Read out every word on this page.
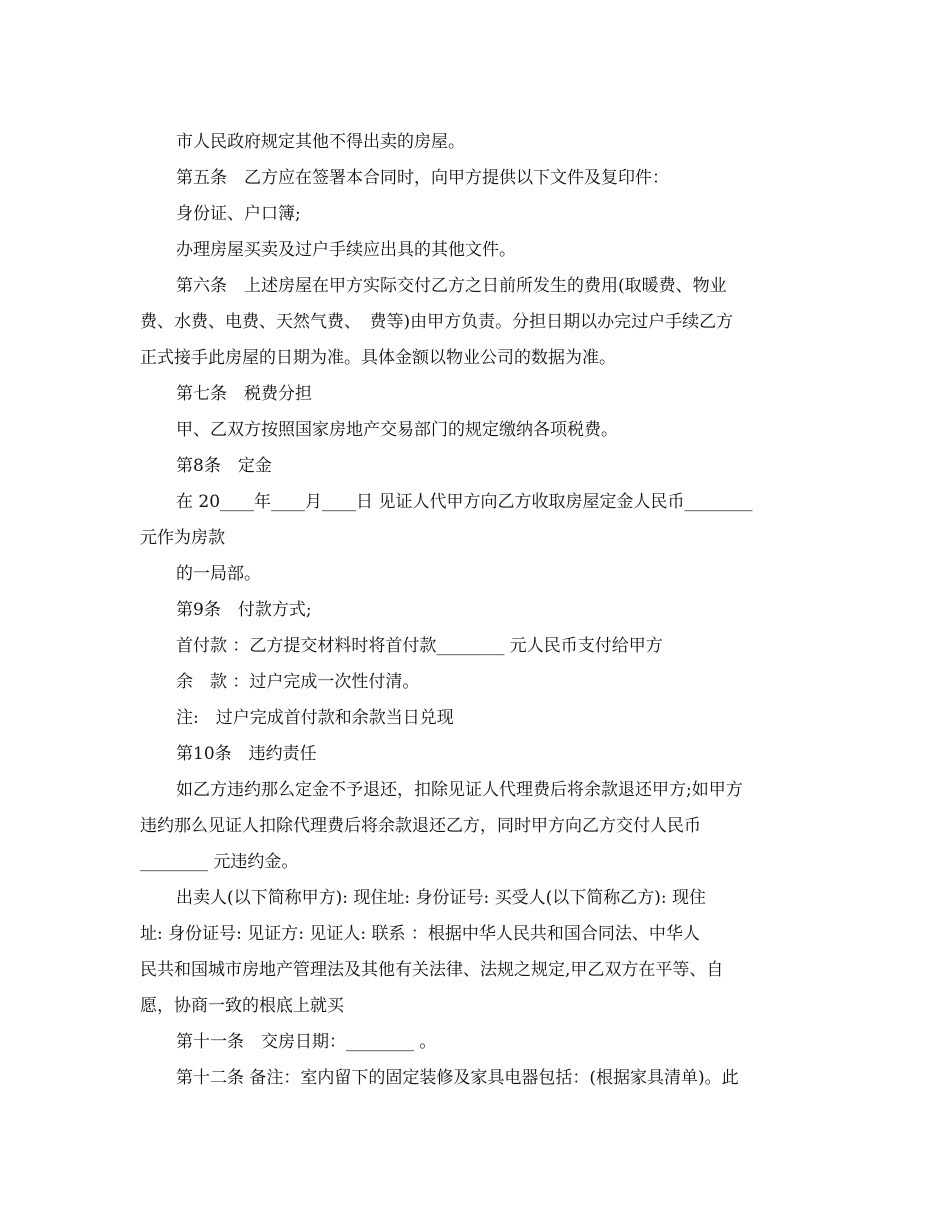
市人民政府规定其他不得出卖的房屋。
第五条　乙方应在签署本合同时，向甲方提供以下文件及复印件：
身份证、户口簿;
办理房屋买卖及过户手续应出具的其他文件。
第六条　上述房屋在甲方实际交付乙方之日前所发生的费用(取暖费、物业
费、水费、电费、天然气费、　费等)由甲方负责。分担日期以办完过户手续乙方
正式接手此房屋的日期为准。具体金额以物业公司的数据为准。
第七条　税费分担
甲、乙双方按照国家房地产交易部门的规定缴纳各项税费。
第8条　定金
在 20____年____月____日 见证人代甲方向乙方收取房屋定金人民币________
元作为房款
的一局部。
第9条　付款方式;
首付款 ：乙方提交材料时将首付款________ 元人民币支付给甲方
余　款 ：过户完成一次性付清。
注:　过户完成首付款和余款当日兑现
第10条　违约责任
如乙方违约那么定金不予退还，扣除见证人代理费后将余款退还甲方;如甲方
违约那么见证人扣除代理费后将余款退还乙方，同时甲方向乙方交付人民币
________ 元违约金。
出卖人(以下简称甲方): 现住址: 身份证号: 买受人(以下简称乙方): 现住
址: 身份证号: 见证方: 见证人: 联系 ：根据中华人民共和国合同法、中华人
民共和国城市房地产管理法及其他有关法律、法规之规定,甲乙双方在平等、自
愿，协商一致的根底上就买
第十一条　交房日期：________ 。
第十二条 备注：室内留下的固定装修及家具电器包括：(根据家具清单)。此
